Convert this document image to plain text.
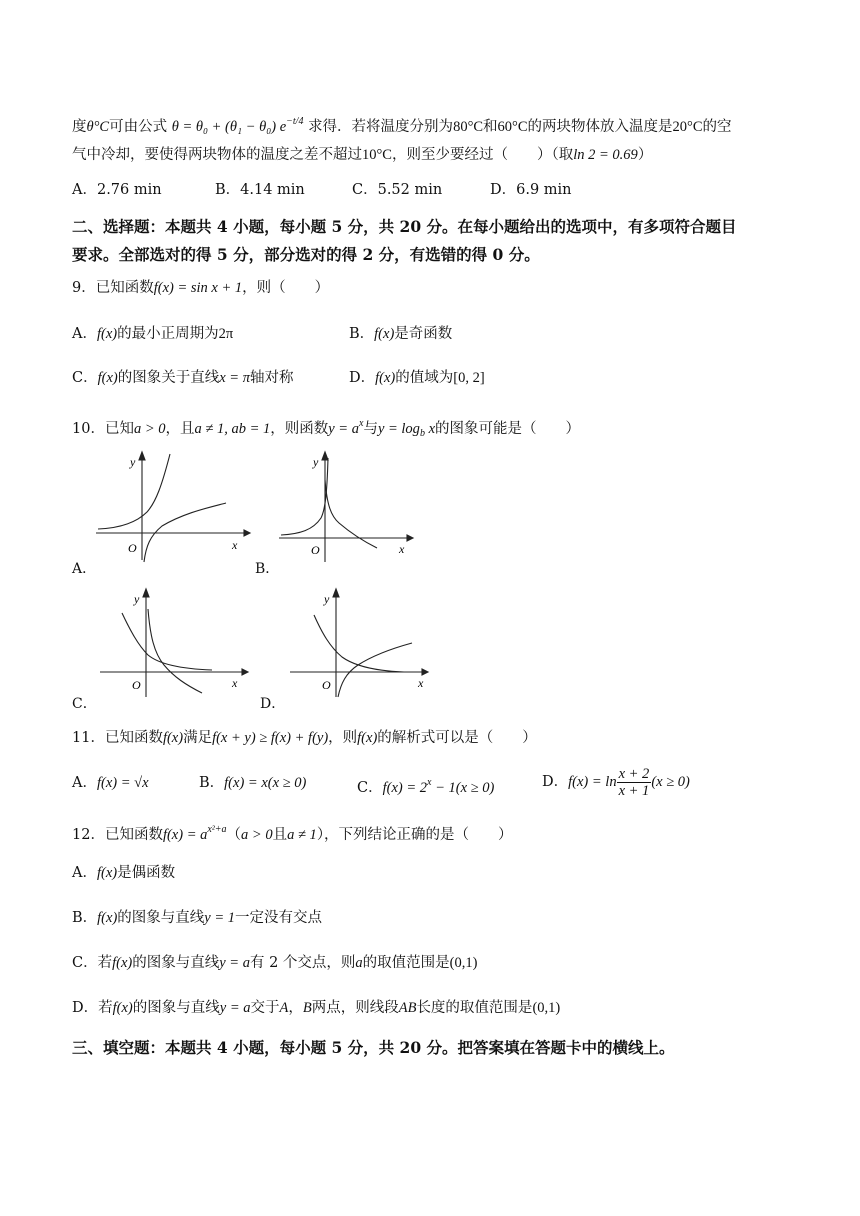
度θ°C可由公式 θ = θ₀ + (θ₁ − θ₀) $e^{-t/4}$ 求得．若将温度分别为80°C和60°C的两块物体放入温度是20°C的空
气中冷却，要使得两块物体的温度之差不超过10°C，则至少要经过（　　）（取ln 2 = 0.69）
A．2.76 min	B．4.14 min	C．5.52 min	D．6.9 min
二、选择题：本题共 4 小题，每小题 5 分，共 20 分。在每小题给出的选项中，有多项符合题目
要求。全部选对的得 5 分，部分选对的得 2 分，有选错的得 0 分。
9．已知函数f(x) = sin x + 1，则（　　）
A．f(x)的最小正周期为2π	B．f(x)是奇函数
C．f(x)的图象关于直线x = π轴对称	D．f(x)的值域为[0, 2]
10．已知a > 0，且a ≠ 1, ab = 1，则函数$y = a^x$与$y = \log_b x$的图象可能是（　　）
A．	B．
C．	D．
y
x
O
y
x
O
y
x
O
y
x
O
11．已知函数f(x)满足f(x + y) ≥ f(x) + f(y)，则f(x)的解析式可以是（　　）
A．f(x) = √x	B．f(x) = x(x ≥ 0)	C．$f(x) = 2^x - 1(x \ge 0)$	D．$f(x) = \ln \frac{x + 2}{x + 1} (x \ge 0)$
12．已知函数$f(x) = a^{x^2+a}(a > 0$且a ≠ 1），下列结论正确的是（　　）
A．f(x)是偶函数
B．f(x)的图象与直线y = 1一定没有交点
C．若f(x)的图象与直线y = a有 2 个交点，则a的取值范围是(0,1)
D．若f(x)的图象与直线y = a交于A，B两点，则线段AB长度的取值范围是(0,1)
三、填空题：本题共 4 小题，每小题 5 分，共 20 分。把答案填在答题卡中的横线上。
